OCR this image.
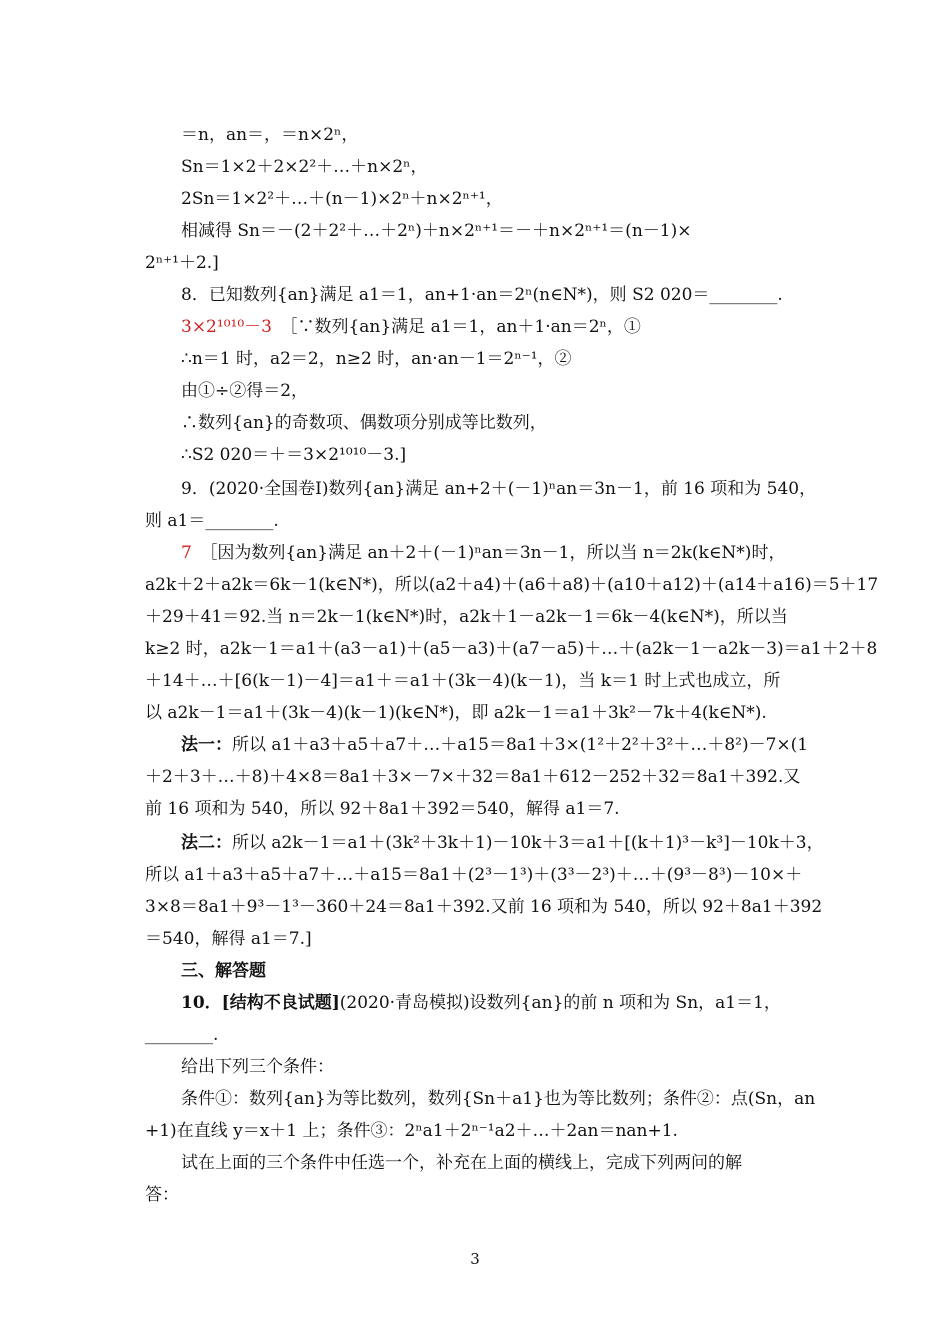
＝n，an＝，＝n×2ⁿ，
Sn＝1×2＋2×2²＋…＋n×2ⁿ，
2Sn＝1×2²＋…＋(n－1)×2ⁿ＋n×2ⁿ⁺¹，
相减得 Sn＝－(2＋2²＋…＋2ⁿ)＋n×2ⁿ⁺¹＝－＋n×2ⁿ⁺¹＝(n－1)×
2ⁿ⁺¹＋2.]
8．已知数列{an}满足 a1＝1，an+1·an＝2ⁿ(n∈N*)，则 S2 020＝________.
3×2¹⁰¹⁰－3　 ［∵数列{an}满足 a1＝1，an＋1·an＝2ⁿ，①
∴n＝1 时，a2＝2，n≥2 时，an·an－1＝2ⁿ⁻¹，②
由①÷②得＝2，
∴数列{an}的奇数项、偶数项分别成等比数列，
∴S2 020＝＋＝3×2¹⁰¹⁰－3.]
9．(2020·全国卷Ⅰ)数列{an}满足 an+2＋(－1)ⁿan＝3n－1，前 16 项和为 540，
则 a1＝________.
7　 ［因为数列{an}满足 an＋2＋(－1)ⁿan＝3n－1，所以当 n＝2k(k∈N*)时，
a2k＋2＋a2k＝6k－1(k∈N*)，所以(a2＋a4)＋(a6＋a8)＋(a10＋a12)＋(a14＋a16)＝5＋17
＋29＋41＝92.当 n＝2k－1(k∈N*)时，a2k＋1－a2k－1＝6k－4(k∈N*)，所以当
k≥2 时，a2k－1＝a1＋(a3－a1)＋(a5－a3)＋(a7－a5)＋…＋(a2k－1－a2k－3)＝a1＋2＋8
＋14＋…＋[6(k－1)－4]＝a1＋＝a1＋(3k－4)(k－1)，当 k＝1 时上式也成立，所
以 a2k－1＝a1＋(3k－4)(k－1)(k∈N*)，即 a2k－1＝a1＋3k²－7k＋4(k∈N*).
法一：所以 a1＋a3＋a5＋a7＋…＋a15＝8a1＋3×(1²＋2²＋3²＋…＋8²)－7×(1
＋2＋3＋…＋8)＋4×8＝8a1＋3×－7×＋32＝8a1＋612－252＋32＝8a1＋392.又
前 16 项和为 540，所以 92＋8a1＋392＝540，解得 a1＝7.
法二：所以 a2k－1＝a1＋(3k²＋3k＋1)－10k＋3＝a1＋[(k＋1)³－k³]－10k＋3，
所以 a1＋a3＋a5＋a7＋…＋a15＝8a1＋(2³－1³)＋(3³－2³)＋…＋(9³－8³)－10×＋
3×8＝8a1＋9³－1³－360＋24＝8a1＋392.又前 16 项和为 540，所以 92＋8a1＋392
＝540，解得 a1＝7.]
三、解答题
10．[结构不良试题](2020·青岛模拟)设数列{an}的前 n 项和为 Sn，a1＝1，
________.
给出下列三个条件：
条件①：数列{an}为等比数列，数列{Sn＋a1}也为等比数列；条件②：点(Sn，an
+1)在直线 y＝x＋1 上；条件③：2ⁿa1＋2ⁿ⁻¹a2＋…＋2an＝nan+1.
试在上面的三个条件中任选一个，补充在上面的横线上，完成下列两问的解
答：
3
